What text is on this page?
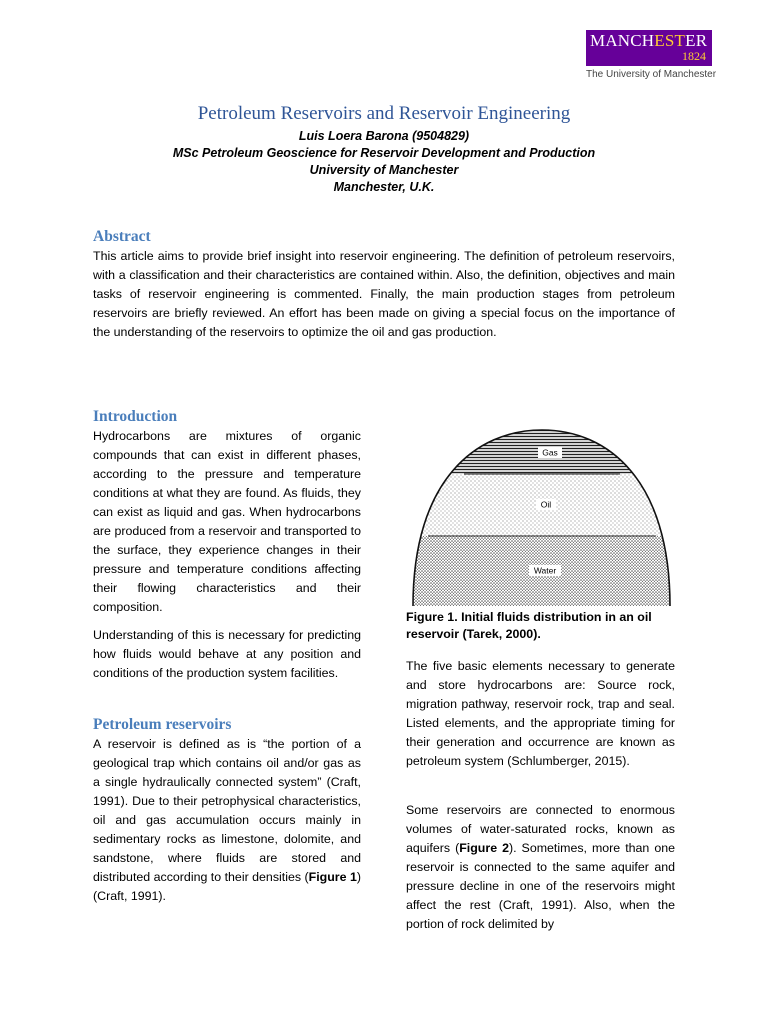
MANCHESTER
1824
The University of Manchester
Petroleum Reservoirs and Reservoir Engineering
Luis Loera Barona (9504829)
MSc Petroleum Geoscience for Reservoir Development and Production
University of Manchester
Manchester, U.K.
Abstract

This article aims to provide brief insight into reservoir engineering. The definition of petroleum reservoirs, with a classification and their characteristics are contained within. Also, the definition, objectives and main tasks of reservoir engineering is commented. Finally, the main production stages from petroleum reservoirs are briefly reviewed. An effort has been made on giving a special focus on the importance of the understanding of the reservoirs to optimize the oil and gas production.

Introduction

Hydrocarbons are mixtures of organic compounds that can exist in different phases, according to the pressure and temperature conditions at what they are found. As fluids, they can exist as liquid and gas. When hydrocarbons are produced from a reservoir and transported to the surface, they experience changes in their pressure and temperature conditions affecting their flowing characteristics and their composition.

Understanding of this is necessary for predicting how fluids would behave at any position and conditions of the production system facilities.

Petroleum reservoirs

A reservoir is defined as is “the portion of a geological trap which contains oil and/or gas as a single hydraulically connected system” (Craft, 1991). Due to their petrophysical characteristics, oil and gas accumulation occurs mainly in sedimentary rocks as limestone, dolomite, and sandstone, where fluids are stored and distributed according to their densities (Figure 1) (Craft, 1991).

Gas
Oil
Water

Figure 1. Initial fluids distribution in an oil reservoir (Tarek, 2000).

The five basic elements necessary to generate and store hydrocarbons are: Source rock, migration pathway, reservoir rock, trap and seal. Listed elements, and the appropriate timing for their generation and occurrence are known as petroleum system (Schlumberger, 2015).

Some reservoirs are connected to enormous volumes of water-saturated rocks, known as aquifers (Figure 2). Sometimes, more than one reservoir is connected to the same aquifer and pressure decline in one of the reservoirs might affect the rest (Craft, 1991). Also, when the portion of rock delimited by
